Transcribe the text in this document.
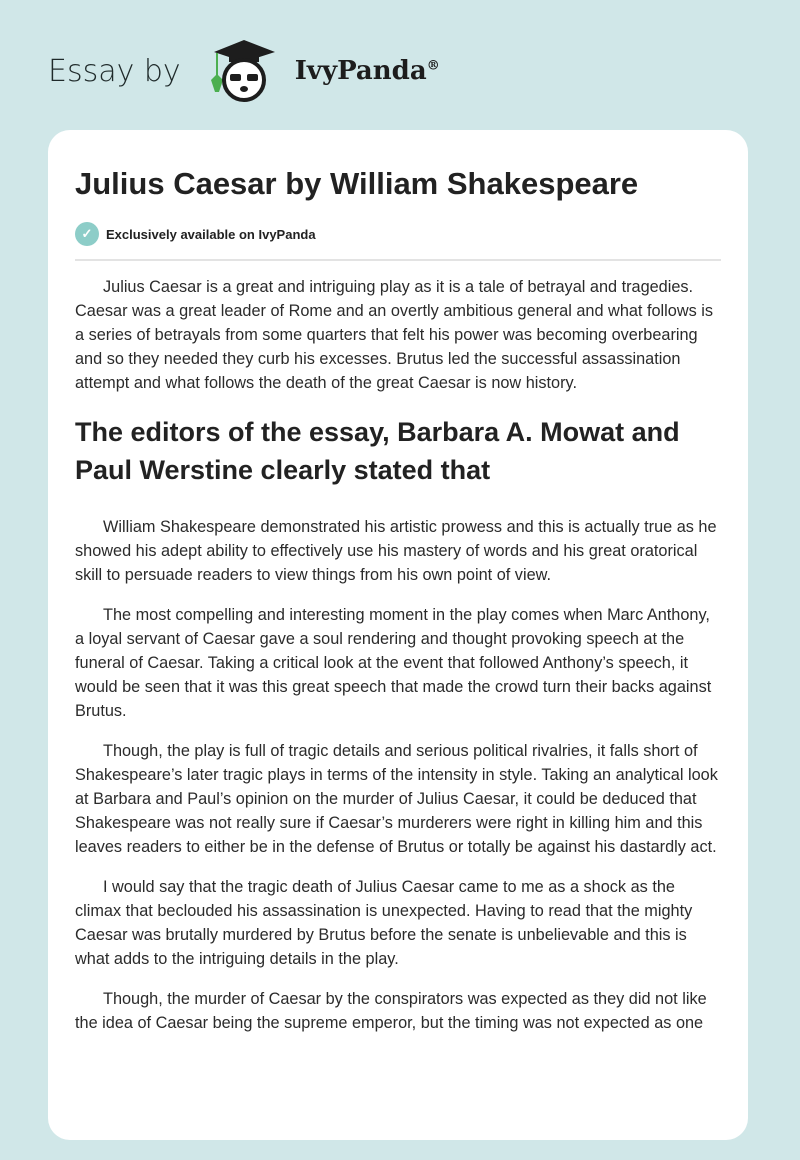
Essay by	IvyPanda®
Julius Caesar by William Shakespeare
✓	Exclusively available on IvyPanda

Julius Caesar is a great and intriguing play as it is a tale of betrayal and tragedies. Caesar was a great leader of Rome and an overtly ambitious general and what follows is a series of betrayals from some quarters that felt his power was becoming overbearing and so they needed they curb his excesses. Brutus led the successful assassination attempt and what follows the death of the great Caesar is now history.

The editors of the essay, Barbara A. Mowat and Paul Werstine clearly stated that

William Shakespeare demonstrated his artistic prowess and this is actually true as he showed his adept ability to effectively use his mastery of words and his great oratorical skill to persuade readers to view things from his own point of view.

The most compelling and interesting moment in the play comes when Marc Anthony, a loyal servant of Caesar gave a soul rendering and thought provoking speech at the funeral of Caesar. Taking a critical look at the event that followed Anthony’s speech, it would be seen that it was this great speech that made the crowd turn their backs against Brutus.

Though, the play is full of tragic details and serious political rivalries, it falls short of Shakespeare’s later tragic plays in terms of the intensity in style. Taking an analytical look at Barbara and Paul’s opinion on the murder of Julius Caesar, it could be deduced that Shakespeare was not really sure if Caesar’s murderers were right in killing him and this leaves readers to either be in the defense of Brutus or totally be against his dastardly act.

I would say that the tragic death of Julius Caesar came to me as a shock as the climax that beclouded his assassination is unexpected. Having to read that the mighty Caesar was brutally murdered by Brutus before the senate is unbelievable and this is what adds to the intriguing details in the play.

Though, the murder of Caesar by the conspirators was expected as they did not like the idea of Caesar being the supreme emperor, but the timing was not expected as one
